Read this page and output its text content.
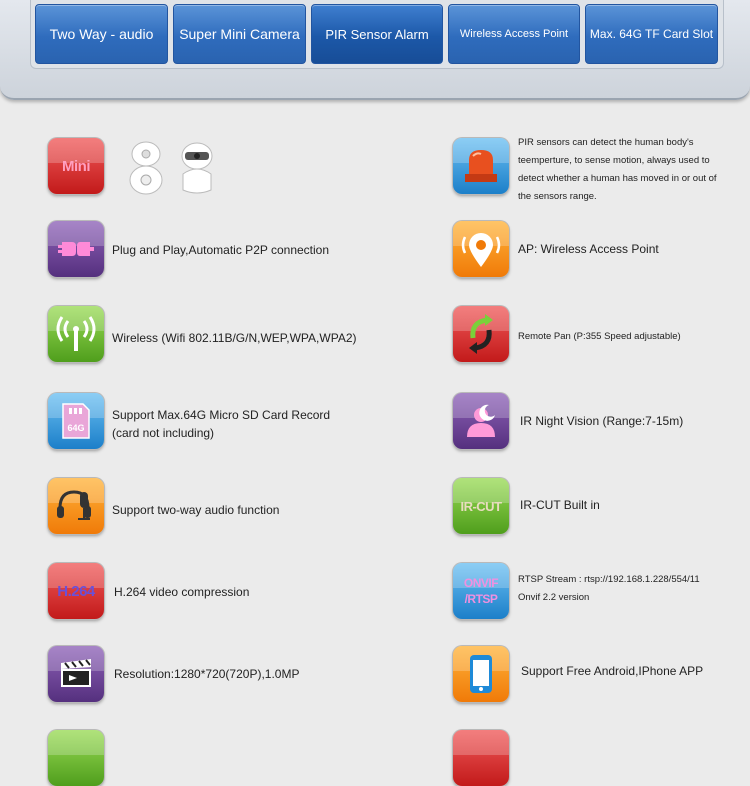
Two Way - audio	Super Mini Camera	PIR Sensor Alarm	Wireless Access Point	Max. 64G TF Card Slot
Mini
Plug and Play,Automatic P2P connection
Wireless (Wifi 802.11B/G/N,WEP,WPA,WPA2)
64G
Support Max.64G Micro SD Card Record
(card not including)
Support two-way audio function
H.264 H.264 video compression
Resolution:1280*720(720P),1.0MP
PIR sensors can detect the human body's
teemperture, to sense motion, always used to
detect whether a human has moved in or out of
the sensors range.
AP: Wireless Access Point
Remote Pan (P:355 Speed adjustable)
IR Night Vision (Range:7-15m)
IR-CUT IR-CUT Built in
ONVIF
/RTSP
RTSP Stream : rtsp://192.168.1.228/554/11
Onvif 2.2 version
Support Free Android,IPhone APP
